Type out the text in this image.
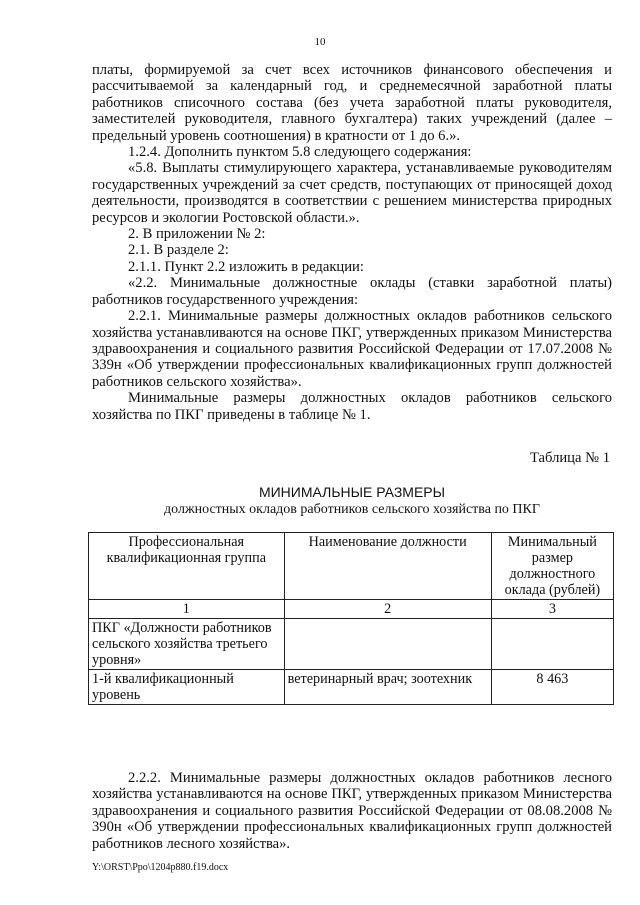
10

платы, формируемой за счет всех источников финансового обеспечения и рассчитываемой за календарный год, и среднемесячной заработной платы работников списочного состава (без учета заработной платы руководителя, заместителей руководителя, главного бухгалтера) таких учреждений (далее – предельный уровень соотношения) в кратности от 1 до 6.».

1.2.4. Дополнить пунктом 5.8 следующего содержания:

«5.8. Выплаты стимулирующего характера, устанавливаемые руководителям государственных учреждений за счет средств, поступающих от приносящей доход деятельности, производятся в соответствии с решением министерства природных ресурсов и экологии Ростовской области.».

2. В приложении № 2:

2.1. В разделе 2:

2.1.1. Пункт 2.2 изложить в редакции:

«2.2. Минимальные должностные оклады (ставки заработной платы) работников государственного учреждения:

2.2.1. Минимальные размеры должностных окладов работников сельского хозяйства устанавливаются на основе ПКГ, утвержденных приказом Министерства здравоохранения и социального развития Российской Федерации от 17.07.2008 № 339н «Об утверждении профессиональных квалификационных групп должностей работников сельского хозяйства».

Минимальные размеры должностных окладов работников сельского хозяйства по ПКГ приведены в таблице № 1.

Таблица № 1
МИНИМАЛЬНЫЕ РАЗМЕРЫ
должностных окладов работников сельского хозяйства по ПКГ
Профессиональная квалификационная группа	Наименование должности	Минимальный размер должностного оклада (рублей)
1	2	3
ПКГ «Должности работников сельского хозяйства третьего уровня»		
1-й квалификационный уровень	ветеринарный врач; зоотехник	8 463

2.2.2. Минимальные размеры должностных окладов работников лесного хозяйства устанавливаются на основе ПКГ, утвержденных приказом Министерства здравоохранения и социального развития Российской Федерации от 08.08.2008 № 390н «Об утверждении профессиональных квалификационных групп должностей работников лесного хозяйства».

Y:\ORST\Ppo\1204p880.f19.docx
